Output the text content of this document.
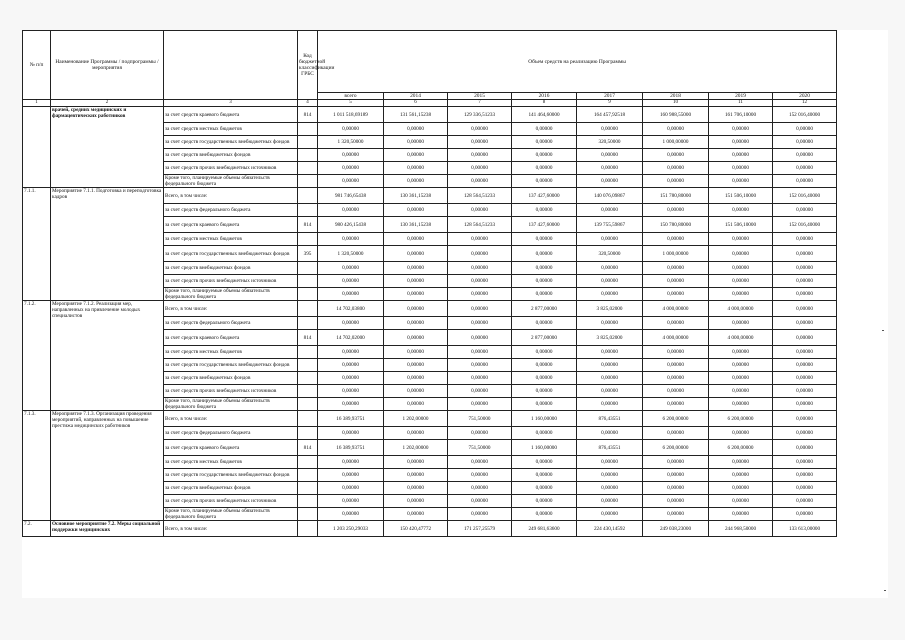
№ п/п	Наименование Программы / подпрограммы / мероприятия		Код бюджетной классификации ГРБС	Объем средств на реализацию Программы							
				всего	2014	2015	2016	2017	2018	2019	2020
1	2	3	4	5	6	7	8	9	10	11	12
	врачей, средних медицинских и фармацевтических работников	за счет средств краевого бюджета	814	1 011 518,69189	131 561,15238	129 336,51233	141 464,60000	164 457,92518	160 988,55000	161 706,10000	152 016,40000
		за счет средств местных бюджетов		0,00000	0,00000	0,00000	0,00000	0,00000	0,00000	0,00000	0,00000
		за счет средств государственных внебюджетных фондов		1 320,50000	0,00000	0,00000	0,00000	320,50000	1 000,00000	0,00000	0,00000
		за счет средств внебюджетных фондов		0,00000	0,00000	0,00000	0,00000	0,00000	0,00000	0,00000	0,00000
		за счет средств прочих внебюджетных источников		0,00000	0,00000	0,00000	0,00000	0,00000	0,00000	0,00000	0,00000
		Кроме того, планируемые объемы обязательств федерального бюджета		0,00000	0,00000	0,00000	0,00000	0,00000	0,00000	0,00000	0,00000
7.1.1.	Мероприятие 7.1.1. Подготовка и переподготовка кадров	Всего, в том числе:		981 746,65438	130 361,15238	128 564,51233	137 427,60000	140 076,09867	151 780,80000	151 506,10000	152 016,40000
		за счет средств федерального бюджета		0,00000	0,00000	0,00000	0,00000	0,00000	0,00000	0,00000	0,00000
		за счет средств краевого бюджета	814	980 426,15438	130 361,15238	128 564,51233	137 427,60000	139 755,59867	150 780,80000	151 506,10000	152 016,40000
		за счет средств местных бюджетов		0,00000	0,00000	0,00000	0,00000	0,00000	0,00000	0,00000	0,00000
		за счет средств государственных внебюджетных фондов	395	1 320,50000	0,00000	0,00000	0,00000	320,50000	1 000,00000	0,00000	0,00000
		за счет средств внебюджетных фондов		0,00000	0,00000	0,00000	0,00000	0,00000	0,00000	0,00000	0,00000
		за счет средств прочих внебюджетных источников		0,00000	0,00000	0,00000	0,00000	0,00000	0,00000	0,00000	0,00000
		Кроме того, планируемые объемы обязательств федерального бюджета		0,00000	0,00000	0,00000	0,00000	0,00000	0,00000	0,00000	0,00000
7.1.2.	Мероприятие 7.1.2. Реализация мер, направленных на привлечение молодых специалистов	Всего, в том числе:		14 702,03800	0,00000	0,00000	2 877,00000	3 825,02000	4 000,00000	4 000,00000	0,00000
		за счет средств федерального бюджета		0,00000	0,00000	0,00000	0,00000	0,00000	0,00000	0,00000	0,00000
		за счет средств краевого бюджета	814	14 702,02000	0,00000	0,00000	2 877,00000	3 825,02000	4 000,00000	4 000,00000	0,00000
		за счет средств местных бюджетов		0,00000	0,00000	0,00000	0,00000	0,00000	0,00000	0,00000	0,00000
		за счет средств государственных внебюджетных фондов		0,00000	0,00000	0,00000	0,00000	0,00000	0,00000	0,00000	0,00000
		за счет средств внебюджетных фондов		0,00000	0,00000	0,00000	0,00000	0,00000	0,00000	0,00000	0,00000
		за счет средств прочих внебюджетных источников		0,00000	0,00000	0,00000	0,00000	0,00000	0,00000	0,00000	0,00000
		Кроме того, планируемые объемы обязательств федерального бюджета		0,00000	0,00000	0,00000	0,00000	0,00000	0,00000	0,00000	0,00000
7.1.3.	Мероприятие 7.1.3. Организация проведения мероприятий, направленных на повышение престижа медицинских работников	Всего, в том числе:		16 389,93751	1 202,00000	751,50000	1 160,00000	876,43551	6 200,00000	6 200,00000	0,00000
		за счет средств федерального бюджета		0,00000	0,00000	0,00000	0,00000	0,00000	0,00000	0,00000	0,00000
		за счет средств краевого бюджета	814	16 389,93751	1 202,00000	751,50000	1 160,00000	876,43551	6 200,00000	6 200,00000	0,00000
		за счет средств местных бюджетов		0,00000	0,00000	0,00000	0,00000	0,00000	0,00000	0,00000	0,00000
		за счет средств государственных внебюджетных фондов		0,00000	0,00000	0,00000	0,00000	0,00000	0,00000	0,00000	0,00000
		за счет средств внебюджетных фондов		0,00000	0,00000	0,00000	0,00000	0,00000	0,00000	0,00000	0,00000
		за счет средств прочих внебюджетных источников		0,00000	0,00000	0,00000	0,00000	0,00000	0,00000	0,00000	0,00000
		Кроме того, планируемые объемы обязательств федерального бюджета		0,00000	0,00000	0,00000	0,00000	0,00000	0,00000	0,00000	0,00000
7.2.	Основное мероприятие 7.2. Меры социальной поддержки медицинских	Всего, в том числе:		1 203 250,29033	150 420,47772	171 257,25579	249 681,63600	224 430,14592	249 038,23000	244 968,50000	133 613,00000
